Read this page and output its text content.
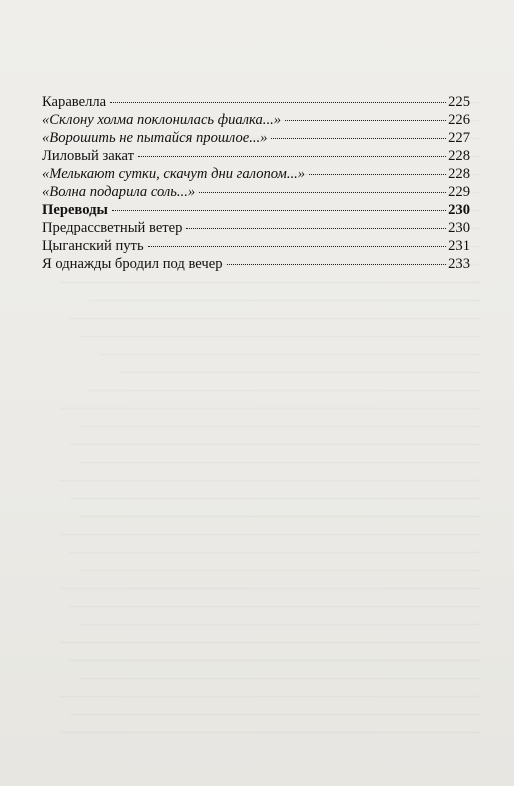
Каравелла	225
«Склону холма поклонилась фиалка...»	226
«Ворошить не пытайся прошлое...»	227
Лиловый закат	228
«Мелькают сутки, скачут дни галопом...»	228
«Волна подарила соль...»	229
Переводы	230
Предрассветный ветер	230
Цыганский путь	231
Я однажды бродил под вечер	233
